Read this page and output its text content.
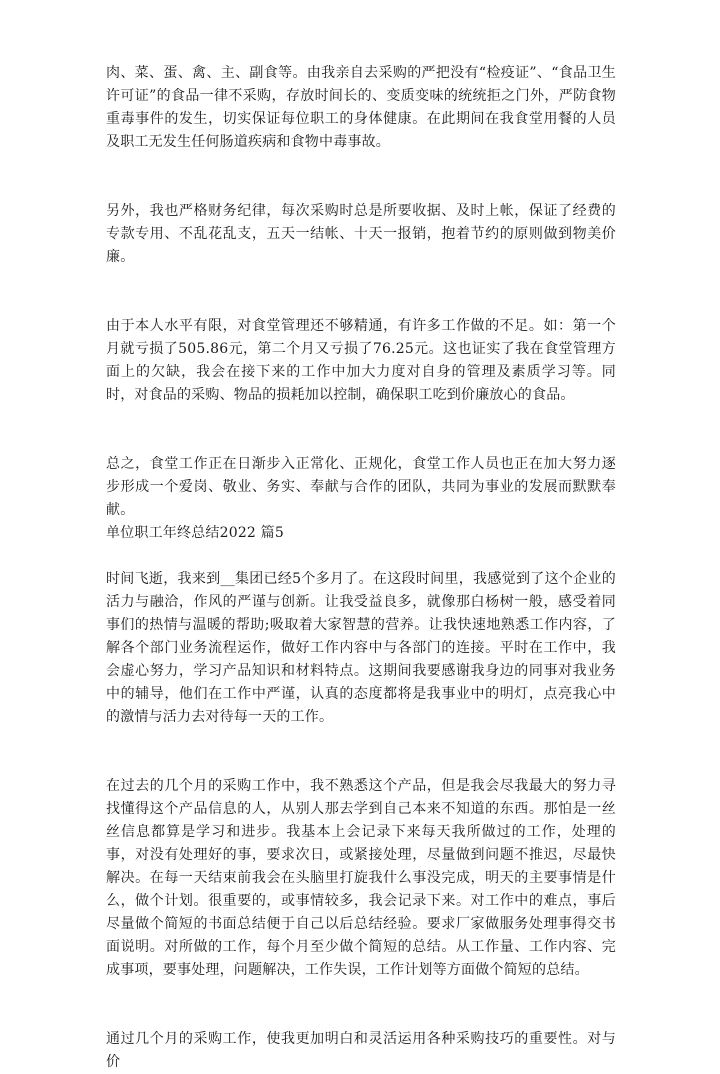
肉、菜、蛋、禽、主、副食等。由我亲自去采购的严把没有“检疫证”、“食品卫生许可证”的食品一律不采购，存放时间长的、变质变味的统统拒之门外，严防食物重毒事件的发生，切实保证每位职工的身体健康。在此期间在我食堂用餐的人员及职工无发生任何肠道疾病和食物中毒事故。

另外，我也严格财务纪律，每次采购时总是所要收据、及时上帐，保证了经费的专款专用、不乱花乱支，五天一结帐、十天一报销，抱着节约的原则做到物美价廉。

由于本人水平有限，对食堂管理还不够精通，有许多工作做的不足。如：第一个月就亏损了505.86元，第二个月又亏损了76.25元。这也证实了我在食堂管理方面上的欠缺，我会在接下来的工作中加大力度对自身的管理及素质学习等。同时，对食品的采购、物品的损耗加以控制，确保职工吃到价廉放心的食品。

总之，食堂工作正在日渐步入正常化、正规化，食堂工作人员也正在加大努力逐步形成一个爱岗、敬业、务实、奉献与合作的团队，共同为事业的发展而默默奉献。

单位职工年终总结2022 篇5

时间飞逝，我来到__集团已经5个多月了。在这段时间里，我感觉到了这个企业的活力与融洽，作风的严谨与创新。让我受益良多，就像那白杨树一般，感受着同事们的热情与温暖的帮助;吸取着大家智慧的营养。让我快速地熟悉工作内容，了解各个部门业务流程运作，做好工作内容中与各部门的连接。平时在工作中，我会虚心努力，学习产品知识和材料特点。这期间我要感谢我身边的同事对我业务中的辅导，他们在工作中严谨，认真的态度都将是我事业中的明灯，点亮我心中的激情与活力去对待每一天的工作。

在过去的几个月的采购工作中，我不熟悉这个产品，但是我会尽我最大的努力寻找懂得这个产品信息的人，从别人那去学到自己本来不知道的东西。那怕是一丝丝信息都算是学习和进步。我基本上会记录下来每天我所做过的工作，处理的事，对没有处理好的事，要求次日，或紧接处理，尽量做到问题不推迟，尽最快解决。在每一天结束前我会在头脑里打旋我什么事没完成，明天的主要事情是什么，做个计划。很重要的，或事情较多，我会记录下来。对工作中的难点，事后尽量做个简短的书面总结便于自己以后总结经验。要求厂家做服务处理事得交书面说明。对所做的工作，每个月至少做个简短的总结。从工作量、工作内容、完成事项，要事处理，问题解决，工作失误，工作计划等方面做个简短的总结。

通过几个月的采购工作，使我更加明白和灵活运用各种采购技巧的重要性。对与价
